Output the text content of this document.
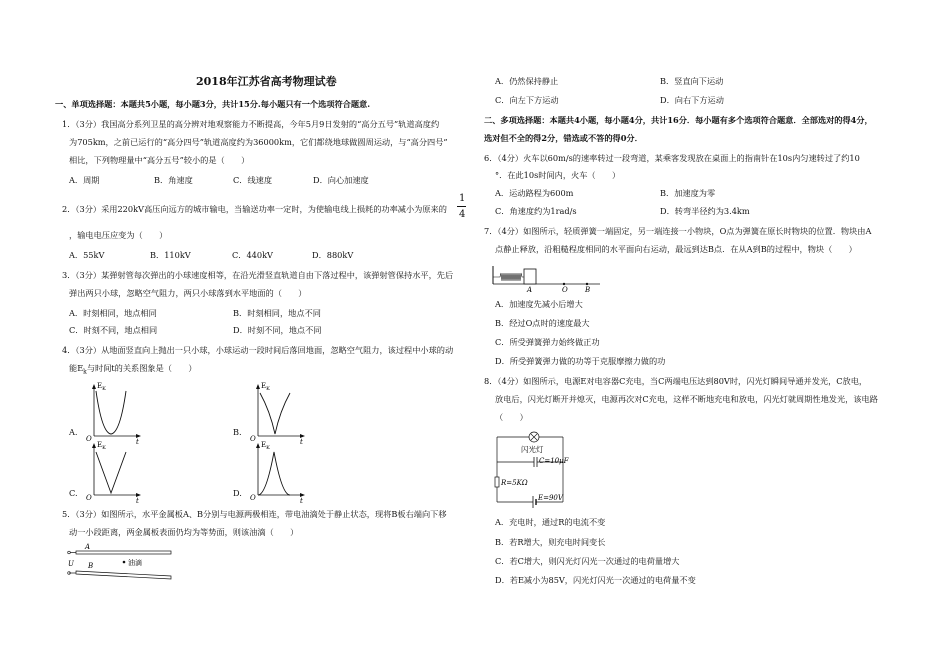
2018年江苏省高考物理试卷
一、单项选择题：本题共5小题，每小题3分，共计15分.每小题只有一个选项符合题意.
1．（3分）我国高分系列卫星的高分辨对地观察能力不断提高，今年5月9日发射的“高分五号”轨道高度约
为705km，之前已运行的“高分四号”轨道高度约为36000km，它们都绕地球做圆周运动，与“高分四号”
相比，下列物理量中“高分五号”较小的是（　　）
A．周期	B．角速度	C．线速度	D．向心加速度
2．（3分）采用220kV高压向远方的城市输电，当输送功率一定时，为使输电线上损耗的功率减小为原来的
1
4
，输电电压应变为（　　）
A．55kV	B．110kV	C．440kV	D．880kV
3．（3分）某弹射管每次弹出的小球速度相等，在沿光滑竖直轨道自由下落过程中，该弹射管保持水平，先后
弹出两只小球，忽略空气阻力，两只小球落到水平地面的（　　）
A．时刻相同，地点相同	B．时刻相同，地点不同
C．时刻不同，地点相同	D．时刻不同，地点不同
4．（3分）从地面竖直向上抛出一只小球，小球运动一段时间后落回地面，忽略空气阻力，该过程中小球的动
能$E_k$与时间t的关系图象是（　　）
A.
$E_K$
O	t
B.
$E_K$
O	t
C.
$E_K$
O	t
D.
$E_K$
O	t
5．（3分）如图所示，水平金属板A、B分别与电源两极相连，带电油滴处于静止状态，现将B板右端向下移
动一小段距离，两金属板表面仍均为等势面，则该油滴（　　）
A
U B	油滴
A．仍然保持静止	B．竖直向下运动
C．向左下方运动	D．向右下方运动
二、多项选择题：本题共4小题，每小题4分，共计16分．每小题有多个选项符合题意．全部选对的得4分，
选对但不全的得2分，错选或不答的得0分．
6．（4分）火车以60m/s的速率转过一段弯道，某乘客发现放在桌面上的指南针在10s内匀速转过了约10
°．在此10s时间内，火车（　　）
A．运动路程为600m	B．加速度为零
C．角速度约为1rad/s	D．转弯半径约为3.4km
7．（4分）如图所示，轻质弹簧一端固定，另一端连接一小物块，O点为弹簧在原长时物块的位置．物块由A
点静止释放，沿粗糙程度相同的水平面向右运动，最远到达B点．在从A到B的过程中，物块（　　）
A	O B
A．加速度先减小后增大
B．经过O点时的速度最大
C．所受弹簧弹力始终做正功
D．所受弹簧弹力做的功等于克服摩擦力做的功
8．（4分）如图所示，电源E对电容器C充电，当C两端电压达到80V时，闪光灯瞬间导通并发光，C放电，
放电后，闪光灯断开并熄灭，电源再次对C充电，这样不断地充电和放电，闪光灯就周期性地发光，该电路
（　　）
闪光灯
C=10μF
R=5KΩ
E=90V
A．充电时，通过R的电流不变
B．若R增大，则充电时间变长
C．若C增大，则闪光灯闪光一次通过的电荷量增大
D．若E减小为85V，闪光灯闪光一次通过的电荷量不变
